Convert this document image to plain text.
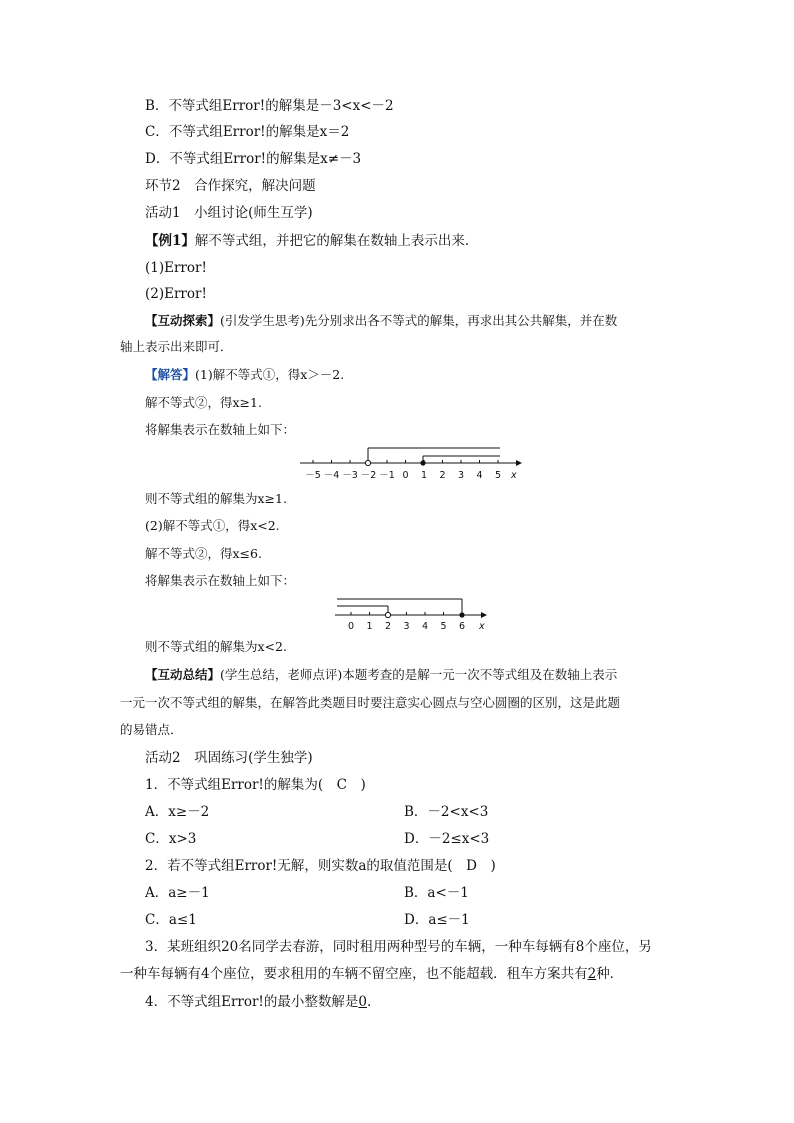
B．不等式组Error!的解集是－3<x<－2
C．不等式组Error!的解集是x＝2
D．不等式组Error!的解集是x≠－3
环节2　合作探究，解决问题
活动1　小组讨论(师生互学)
【例1】解不等式组，并把它的解集在数轴上表示出来．
(1)Error!
(2)Error!
【互动探索】(引发学生思考)先分别求出各不等式的解集，再求出其公共解集，并在数
轴上表示出来即可．
【解答】(1)解不等式①，得x＞－2.
解不等式②，得x≥1.
将解集表示在数轴上如下：
－5 －4 －3 －2 －1 0 1 2 3 4 5 x
则不等式组的解集为x≥1.
(2)解不等式①，得x<2.
解不等式②，得x≤6.
将解集表示在数轴上如下：
0 1 2 3 4 5 6 x
则不等式组的解集为x<2.
【互动总结】(学生总结，老师点评)本题考查的是解一元一次不等式组及在数轴上表示
一元一次不等式组的解集，在解答此类题目时要注意实心圆点与空心圆圈的区别，这是此题
的易错点．
活动2　巩固练习(学生独学)
1．不等式组Error!的解集为(　C　)
A．x≥－2	B．－2<x<3
C．x>3	D．－2≤x<3
2．若不等式组Error!无解，则实数a的取值范围是(　D　)
A．a≥－1	B．a<－1
C．a≤1	D．a≤－1
3．某班组织20名同学去春游，同时租用两种型号的车辆，一种车每辆有8个座位，另
一种车每辆有4个座位，要求租用的车辆不留空座，也不能超载．租车方案共有2种．
4．不等式组Error!的最小整数解是0.
